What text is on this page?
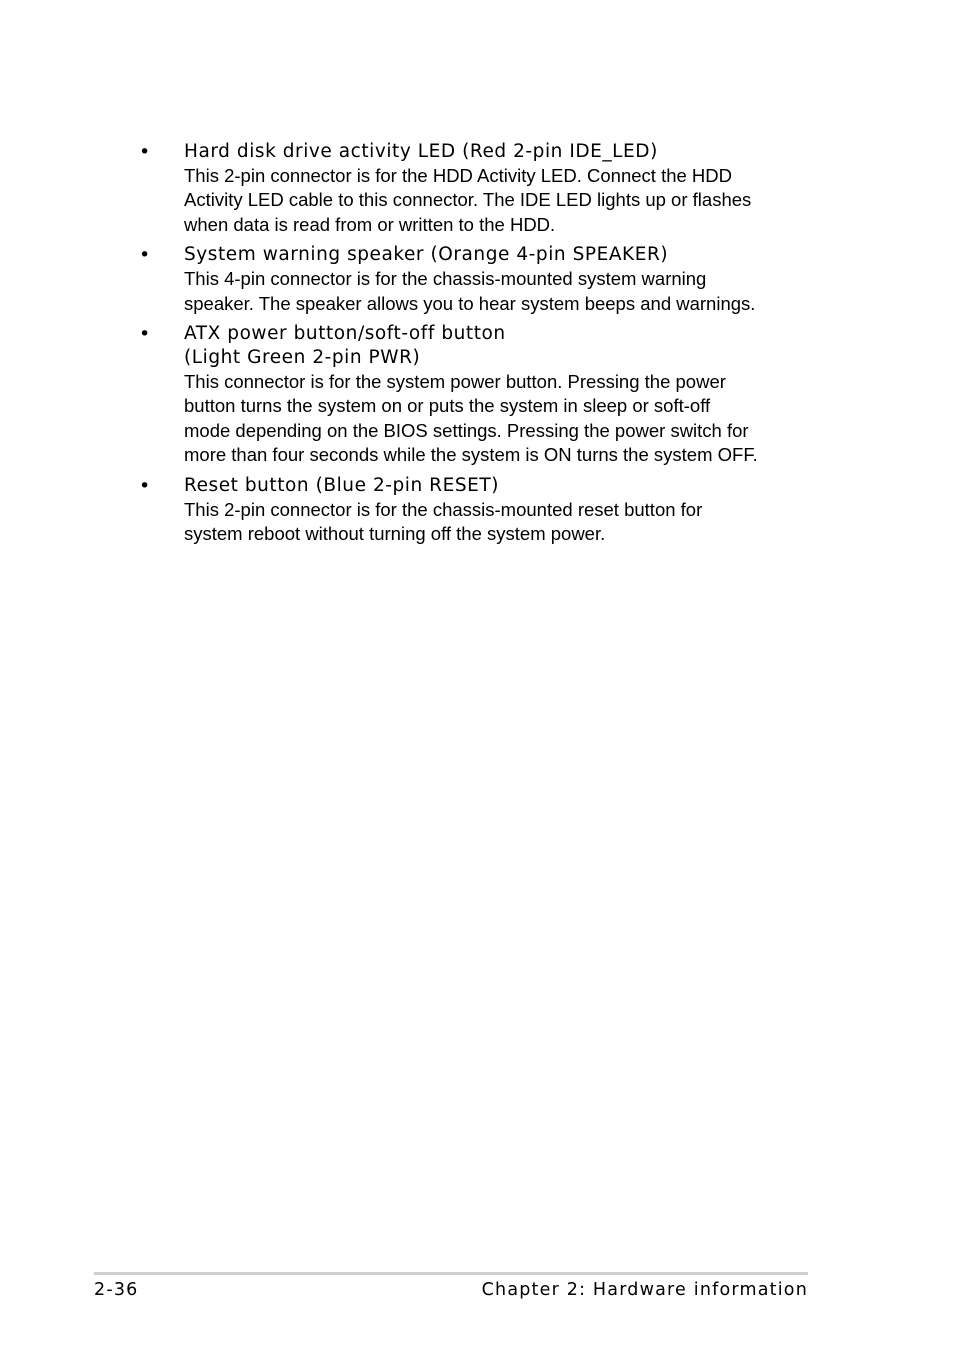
• Hard disk drive activity LED (Red 2-pin IDE_LED)
This 2-pin connector is for the HDD Activity LED. Connect the HDD
Activity LED cable to this connector. The IDE LED lights up or flashes
when data is read from or written to the HDD.
• System warning speaker (Orange 4-pin SPEAKER)
This 4-pin connector is for the chassis-mounted system warning
speaker. The speaker allows you to hear system beeps and warnings.
• ATX power button/soft-off button
(Light Green 2-pin PWR)
This connector is for the system power button. Pressing the power
button turns the system on or puts the system in sleep or soft-off
mode depending on the BIOS settings. Pressing the power switch for
more than four seconds while the system is ON turns the system OFF.
• Reset button (Blue 2-pin RESET)
This 2-pin connector is for the chassis-mounted reset button for
system reboot without turning off the system power.
2-36	Chapter 2: Hardware information
